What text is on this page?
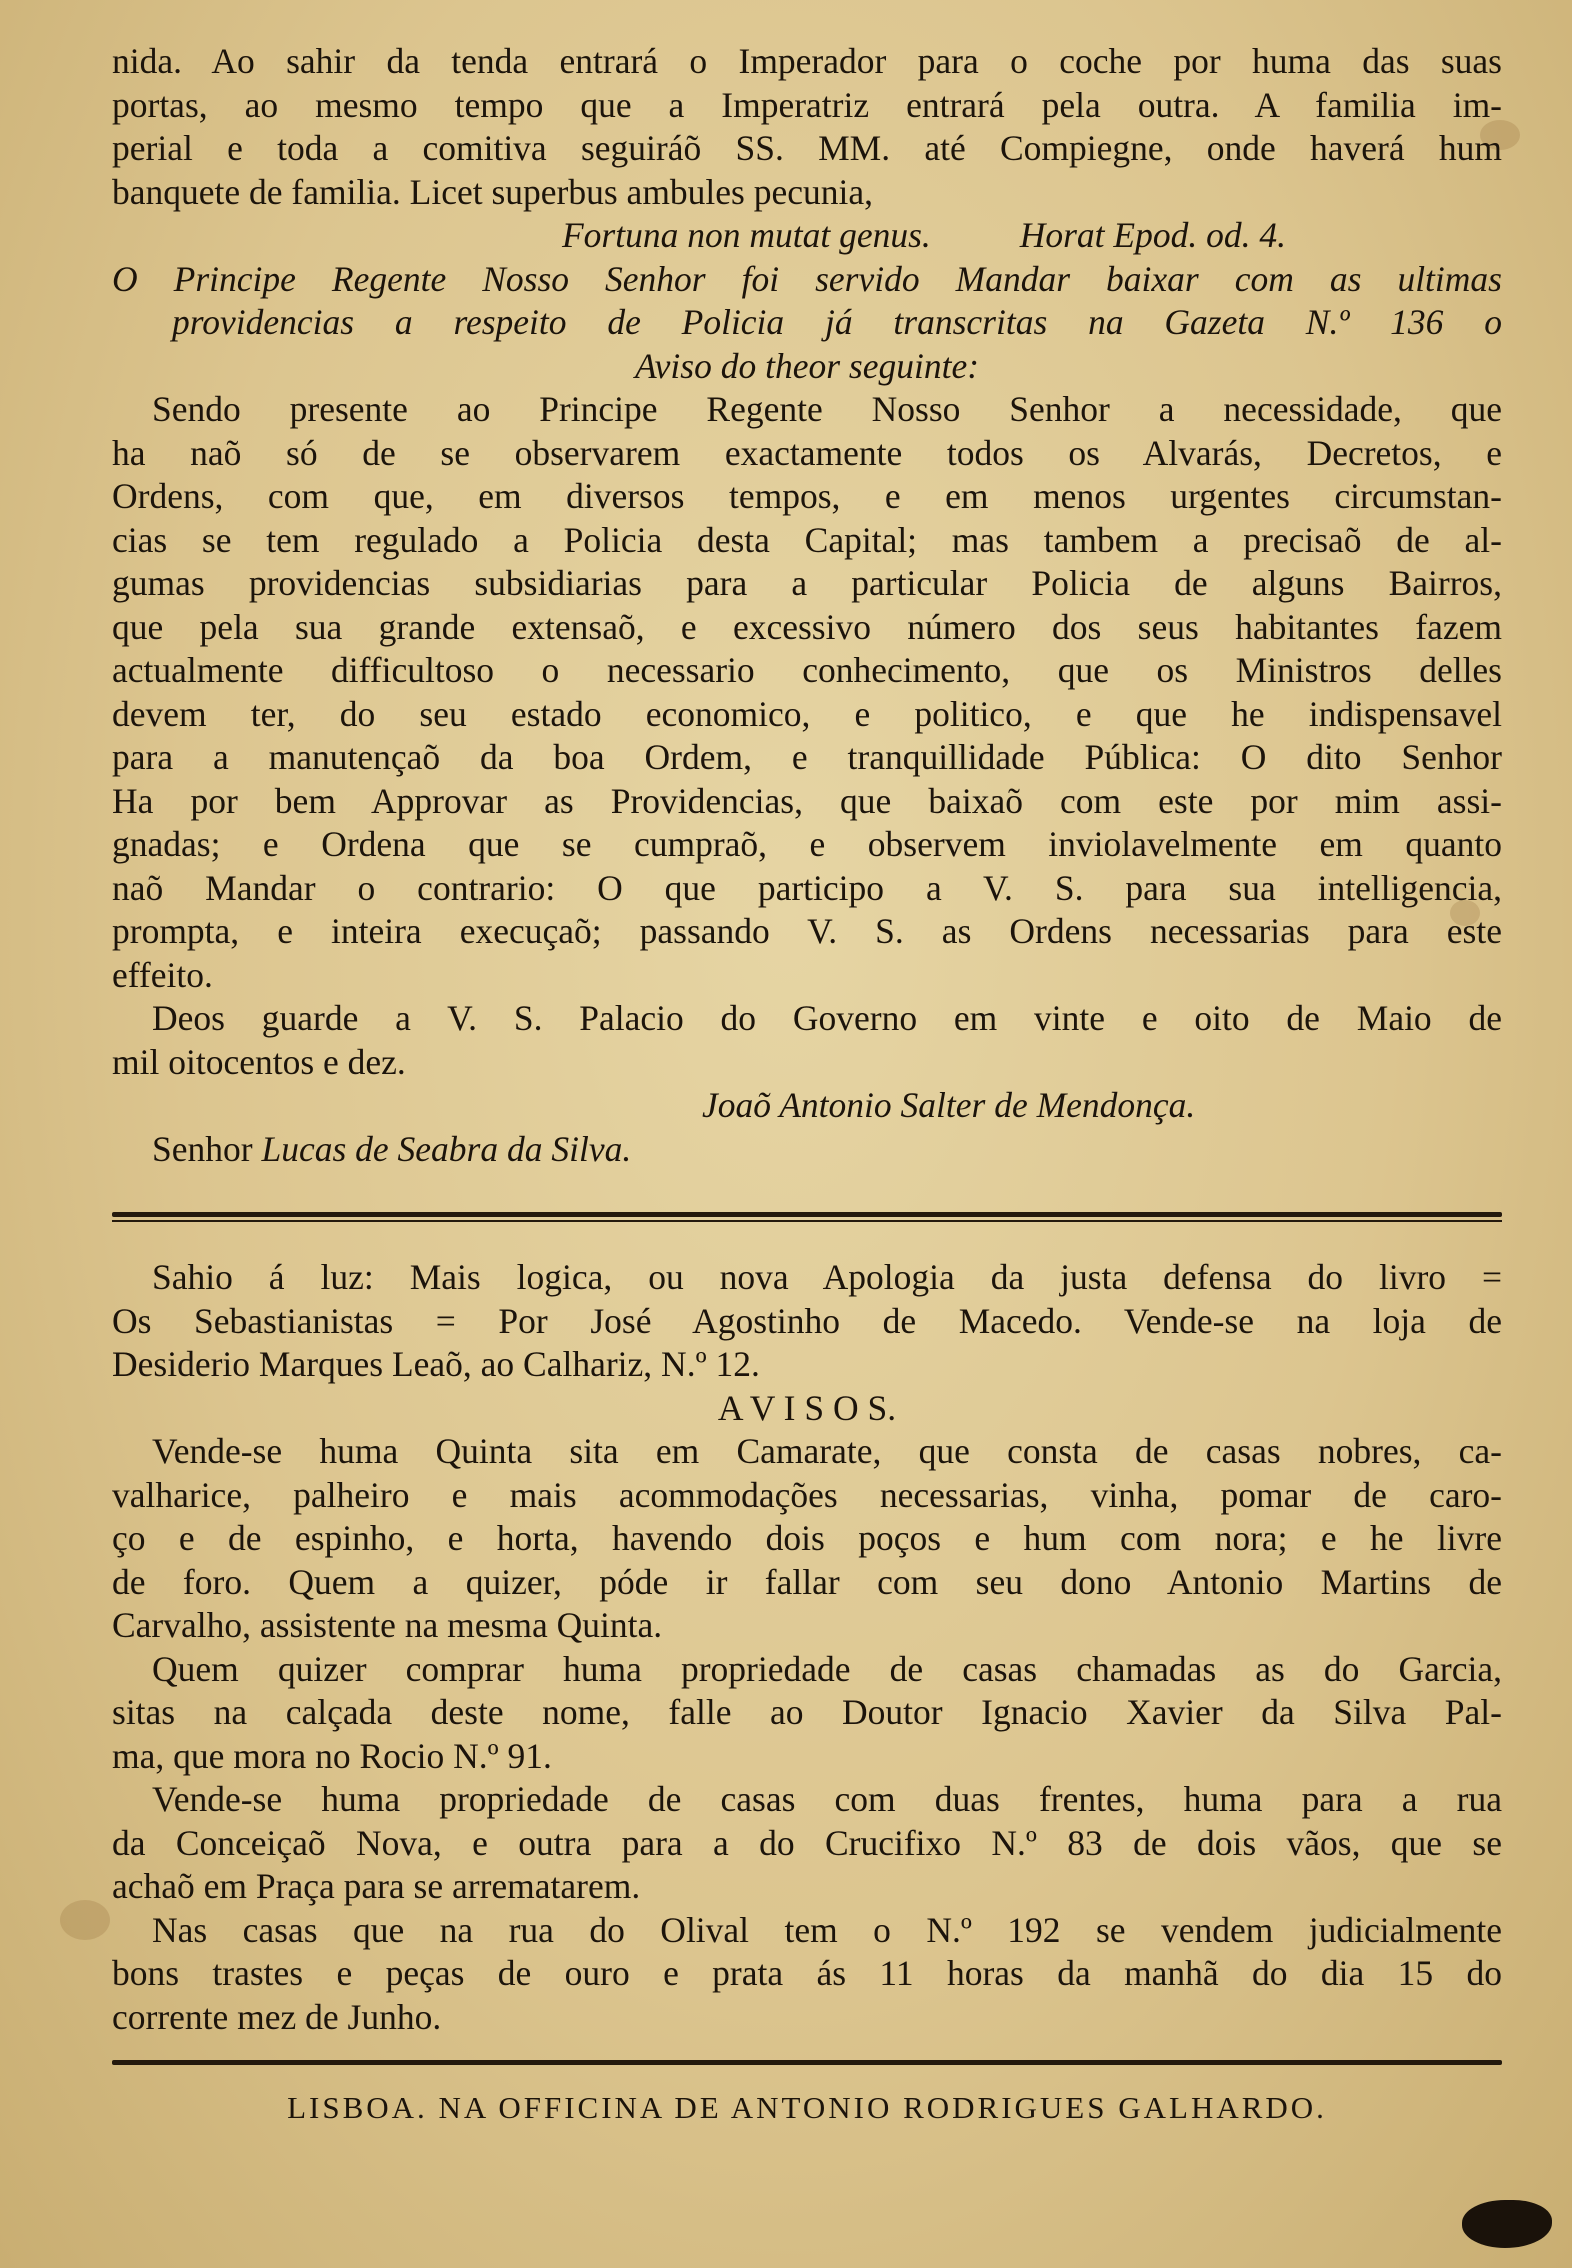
nida. Ao sahir da tenda entrará o Imperador para o coche por huma das suas
portas, ao mesmo tempo que a Imperatriz entrará pela outra. A familia im-
perial e toda a comitiva seguiráõ SS. MM. até Compiegne, onde haverá hum
banquete de familia. Licet superbus ambules pecunia,
Fortuna non mutat genus.	Horat Epod. od. 4.
O Principe Regente Nosso Senhor foi servido Mandar baixar com as ultimas
providencias a respeito de Policia já transcritas na Gazeta N.º 136 o
Aviso do theor seguinte:
Sendo presente ao Principe Regente Nosso Senhor a necessidade, que
ha naõ só de se observarem exactamente todos os Alvarás, Decretos, e
Ordens, com que, em diversos tempos, e em menos urgentes circumstan-
cias se tem regulado a Policia desta Capital; mas tambem a precisaõ de al-
gumas providencias subsidiarias para a particular Policia de alguns Bairros,
que pela sua grande extensaõ, e excessivo número dos seus habitantes fazem
actualmente difficultoso o necessario conhecimento, que os Ministros delles
devem ter, do seu estado economico, e politico, e que he indispensavel
para a manutençaõ da boa Ordem, e tranquillidade Pública: O dito Senhor
Ha por bem Approvar as Providencias, que baixaõ com este por mim assi-
gnadas; e Ordena que se cumpraõ, e observem inviolavelmente em quanto
naõ Mandar o contrario: O que participo a V. S. para sua intelligencia,
prompta, e inteira execuçaõ; passando V. S. as Ordens necessarias para este
effeito.
Deos guarde a V. S. Palacio do Governo em vinte e oito de Maio de
mil oitocentos e dez.
Joaõ Antonio Salter de Mendonça.
Senhor Lucas de Seabra da Silva.
Sahio á luz: Mais logica, ou nova Apologia da justa defensa do livro =
Os Sebastianistas = Por José Agostinho de Macedo. Vende-se na loja de
Desiderio Marques Leaõ, ao Calhariz, N.º 12.
A V I S O S.
Vende-se huma Quinta sita em Camarate, que consta de casas nobres, ca-
valharice, palheiro e mais acommodações necessarias, vinha, pomar de caro-
ço e de espinho, e horta, havendo dois poços e hum com nora; e he livre
de foro. Quem a quizer, póde ir fallar com seu dono Antonio Martins de
Carvalho, assistente na mesma Quinta.
Quem quizer comprar huma propriedade de casas chamadas as do Garcia,
sitas na calçada deste nome, falle ao Doutor Ignacio Xavier da Silva Pal-
ma, que mora no Rocio N.º 91.
Vende-se huma propriedade de casas com duas frentes, huma para a rua
da Conceiçaõ Nova, e outra para a do Crucifixo N.º 83 de dois vãos, que se
achaõ em Praça para se arrematarem.
Nas casas que na rua do Olival tem o N.º 192 se vendem judicialmente
bons trastes e peças de ouro e prata ás 11 horas da manhã do dia 15 do
corrente mez de Junho.
LISBOA. NA OFFICINA DE ANTONIO RODRIGUES GALHARDO.
